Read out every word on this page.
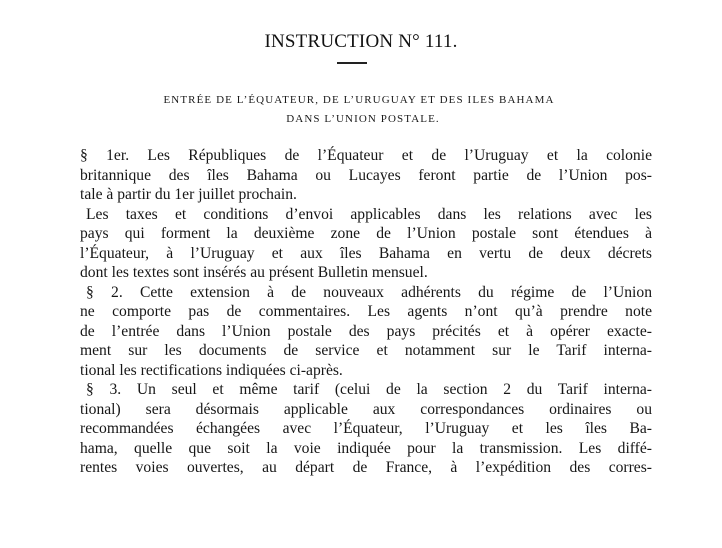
INSTRUCTION N° 111.
ENTRÉE DE L’ÉQUATEUR, DE L’URUGUAY ET DES ILES BAHAMA
DANS L’UNION POSTALE.
§ 1er. Les Républiques de l’Équateur et de l’Uruguay et la colonie
britannique des îles Bahama ou Lucayes feront partie de l’Union pos-
tale à partir du 1er juillet prochain.
Les taxes et conditions d’envoi applicables dans les relations avec les
pays qui forment la deuxième zone de l’Union postale sont étendues à
l’Équateur, à l’Uruguay et aux îles Bahama en vertu de deux décrets
dont les textes sont insérés au présent Bulletin mensuel.
§ 2. Cette extension à de nouveaux adhérents du régime de l’Union
ne comporte pas de commentaires. Les agents n’ont qu’à prendre note
de l’entrée dans l’Union postale des pays précités et à opérer exacte-
ment sur les documents de service et notamment sur le Tarif interna-
tional les rectifications indiquées ci-après.
§ 3. Un seul et même tarif (celui de la section 2 du Tarif interna-
tional) sera désormais applicable aux correspondances ordinaires ou
recommandées échangées avec l’Équateur, l’Uruguay et les îles Ba-
hama, quelle que soit la voie indiquée pour la transmission. Les diffé-
rentes voies ouvertes, au départ de France, à l’expédition des corres-
